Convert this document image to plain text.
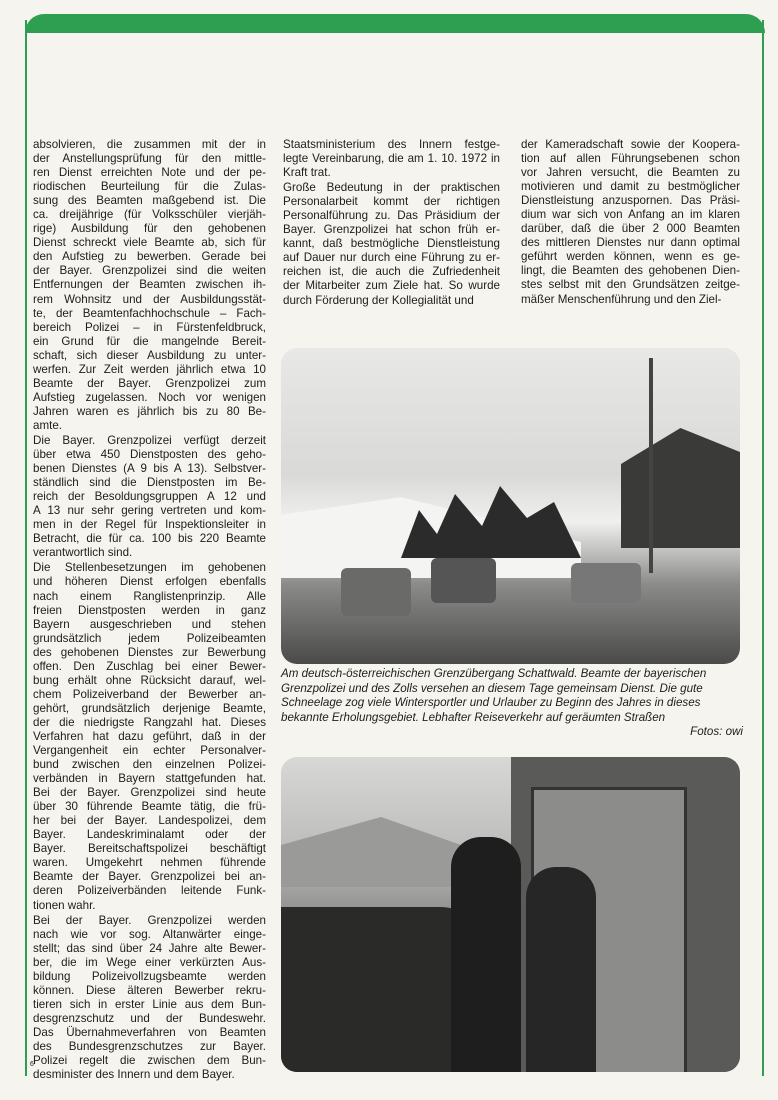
absolvieren, die zusammen mit der in
der Anstellungsprüfung für den mittle-
ren Dienst erreichten Note und der pe-
riodischen Beurteilung für die Zulas-
sung des Beamten maßgebend ist. Die
ca. dreijährige (für Volksschüler vierjäh-
rige) Ausbildung für den gehobenen
Dienst schreckt viele Beamte ab, sich für
den Aufstieg zu bewerben. Gerade bei
der Bayer. Grenzpolizei sind die weiten
Entfernungen der Beamten zwischen ih-
rem Wohnsitz und der Ausbildungsstät-
te, der Beamtenfachhochschule – Fach-
bereich Polizei – in Fürstenfeldbruck,
ein Grund für die mangelnde Bereit-
schaft, sich dieser Ausbildung zu unter-
werfen. Zur Zeit werden jährlich etwa 10
Beamte der Bayer. Grenzpolizei zum
Aufstieg zugelassen. Noch vor wenigen
Jahren waren es jährlich bis zu 80 Be-
amte.
Die Bayer. Grenzpolizei verfügt derzeit
über etwa 450 Dienstposten des geho-
benen Dienstes (A 9 bis A 13). Selbstver-
ständlich sind die Dienstposten im Be-
reich der Besoldungsgruppen A 12 und
A 13 nur sehr gering vertreten und kom-
men in der Regel für Inspektionsleiter in
Betracht, die für ca. 100 bis 220 Beamte
verantwortlich sind.
Die Stellenbesetzungen im gehobenen
und höheren Dienst erfolgen ebenfalls
nach einem Ranglistenprinzip. Alle
freien Dienstposten werden in ganz
Bayern ausgeschrieben und stehen
grundsätzlich jedem Polizeibeamten
des gehobenen Dienstes zur Bewerbung
offen. Den Zuschlag bei einer Bewer-
bung erhält ohne Rücksicht darauf, wel-
chem Polizeiverband der Bewerber an-
gehört, grundsätzlich derjenige Beamte,
der die niedrigste Rangzahl hat. Dieses
Verfahren hat dazu geführt, daß in der
Vergangenheit ein echter Personalver-
bund zwischen den einzelnen Polizei-
verbänden in Bayern stattgefunden hat.
Bei der Bayer. Grenzpolizei sind heute
über 30 führende Beamte tätig, die frü-
her bei der Bayer. Landespolizei, dem
Bayer. Landeskriminalamt oder der
Bayer. Bereitschaftspolizei beschäftigt
waren. Umgekehrt nehmen führende
Beamte der Bayer. Grenzpolizei bei an-
deren Polizeiverbänden leitende Funk-
tionen wahr.
Bei der Bayer. Grenzpolizei werden
nach wie vor sog. Altanwärter einge-
stellt; das sind über 24 Jahre alte Bewer-
ber, die im Wege einer verkürzten Aus-
bildung Polizeivollzugsbeamte werden
können. Diese älteren Bewerber rekru-
tieren sich in erster Linie aus dem Bun-
desgrenzschutz und der Bundeswehr.
Das Übernahmeverfahren von Beamten
des Bundesgrenzschutzes zur Bayer.
Polizei regelt die zwischen dem Bun-
desminister des Innern und dem Bayer.
Staatsministerium des Innern festge-
legte Vereinbarung, die am 1. 10. 1972 in
Kraft trat.
Große Bedeutung in der praktischen
Personalarbeit kommt der richtigen
Personalführung zu. Das Präsidium der
Bayer. Grenzpolizei hat schon früh er-
kannt, daß bestmögliche Dienstleistung
auf Dauer nur durch eine Führung zu er-
reichen ist, die auch die Zufriedenheit
der Mitarbeiter zum Ziele hat. So wurde
durch Förderung der Kollegialität und
der Kameradschaft sowie der Koopera-
tion auf allen Führungsebenen schon
vor Jahren versucht, die Beamten zu
motivieren und damit zu bestmöglicher
Dienstleistung anzuspornen. Das Präsi-
dium war sich von Anfang an im klaren
darüber, daß die über 2 000 Beamten
des mittleren Dienstes nur dann optimal
geführt werden können, wenn es ge-
lingt, die Beamten des gehobenen Dien-
stes selbst mit den Grundsätzen zeitge-
mäßer Menschenführung und den Ziel-
Am deutsch-österreichischen Grenzübergang Schattwald. Beamte der bayerischen Grenzpolizei und des Zolls versehen an diesem Tage gemeinsam Dienst. Die gute Schneelage zog viele Wintersportler und Urlauber zu Beginn des Jahres in dieses bekannte Erholungsgebiet. Lebhafter Reiseverkehr auf geräumten Straßen
Fotos: owi
6
